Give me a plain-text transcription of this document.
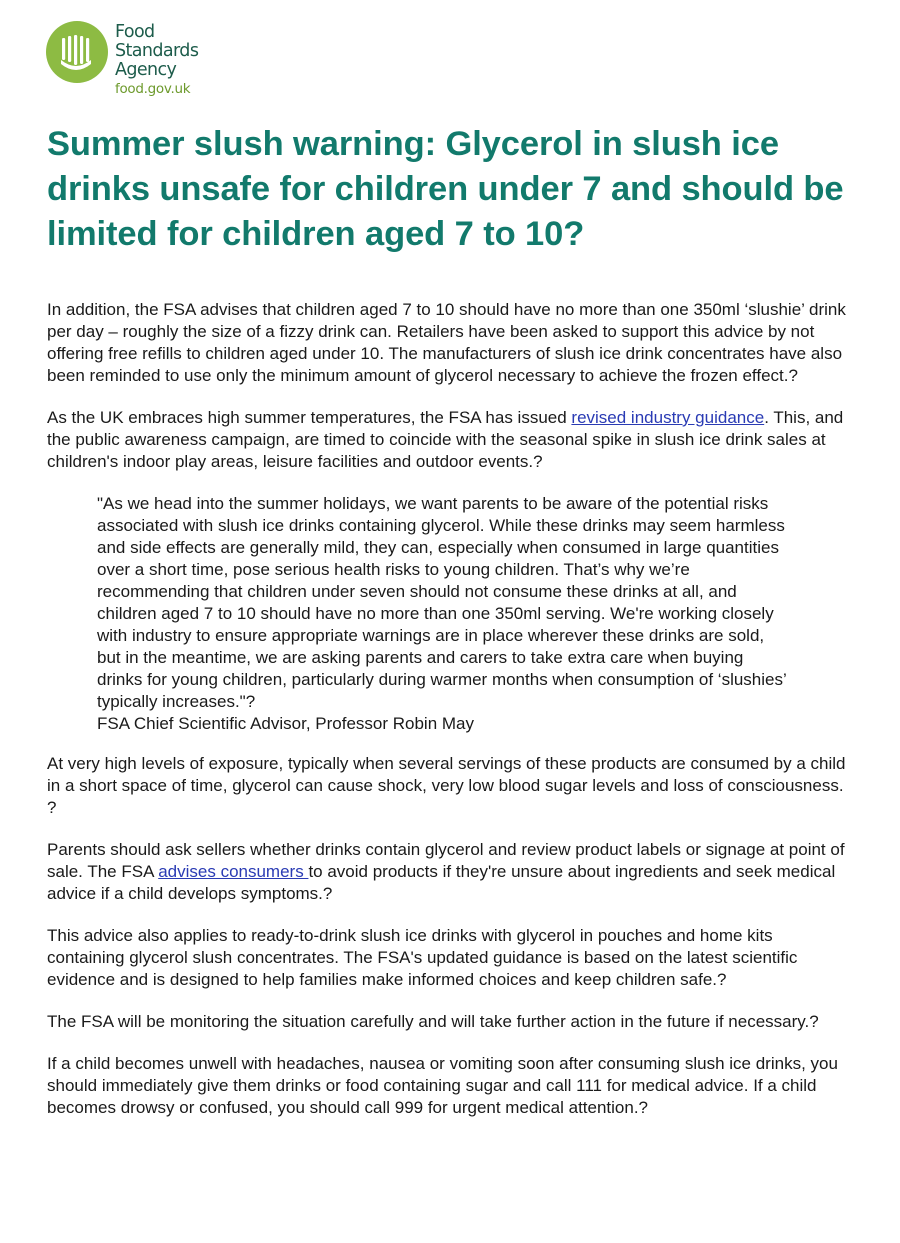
Food
Standards
Agency
food.gov.uk
Summer slush warning: Glycerol in slush ice drinks unsafe for children under 7 and should be limited for children aged 7 to 10?

In addition, the FSA advises that children aged 7 to 10 should have no more than one 350ml ‘slushie’ drink per day – roughly the size of a fizzy drink can. Retailers have been asked to support this advice by not offering free refills to children aged under 10. The manufacturers of slush ice drink concentrates have also been reminded to use only the minimum amount of glycerol necessary to achieve the frozen effect.?

As the UK embraces high summer temperatures, the FSA has issued revised industry guidance. This, and the public awareness campaign, are timed to coincide with the seasonal spike in slush ice drink sales at children's indoor play areas, leisure facilities and outdoor events.?

"As we head into the summer holidays, we want parents to be aware of the potential risks associated with slush ice drinks containing glycerol. While these drinks may seem harmless and side effects are generally mild, they can, especially when consumed in large quantities over a short time, pose serious health risks to young children. That’s why we’re recommending that children under seven should not consume these drinks at all, and children aged 7 to 10 should have no more than one 350ml serving. We're working closely with industry to ensure appropriate warnings are in place wherever these drinks are sold, but in the meantime, we are asking parents and carers to take extra care when buying drinks for young children, particularly during warmer months when consumption of ‘slushies’ typically increases."?
FSA Chief Scientific Advisor, Professor Robin May

At very high levels of exposure, typically when several servings of these products are consumed by a child in a short space of time, glycerol can cause shock, very low blood sugar levels and loss of consciousness. ?

Parents should ask sellers whether drinks contain glycerol and review product labels or signage at point of sale. The FSA advises consumers to avoid products if they're unsure about ingredients and seek medical advice if a child develops symptoms.?

This advice also applies to ready-to-drink slush ice drinks with glycerol in pouches and home kits containing glycerol slush concentrates. The FSA's updated guidance is based on the latest scientific evidence and is designed to help families make informed choices and keep children safe.?

The FSA will be monitoring the situation carefully and will take further action in the future if necessary.?

If a child becomes unwell with headaches, nausea or vomiting soon after consuming slush ice drinks, you should immediately give them drinks or food containing sugar and call 111 for medical advice. If a child becomes drowsy or confused, you should call 999 for urgent medical attention.?
